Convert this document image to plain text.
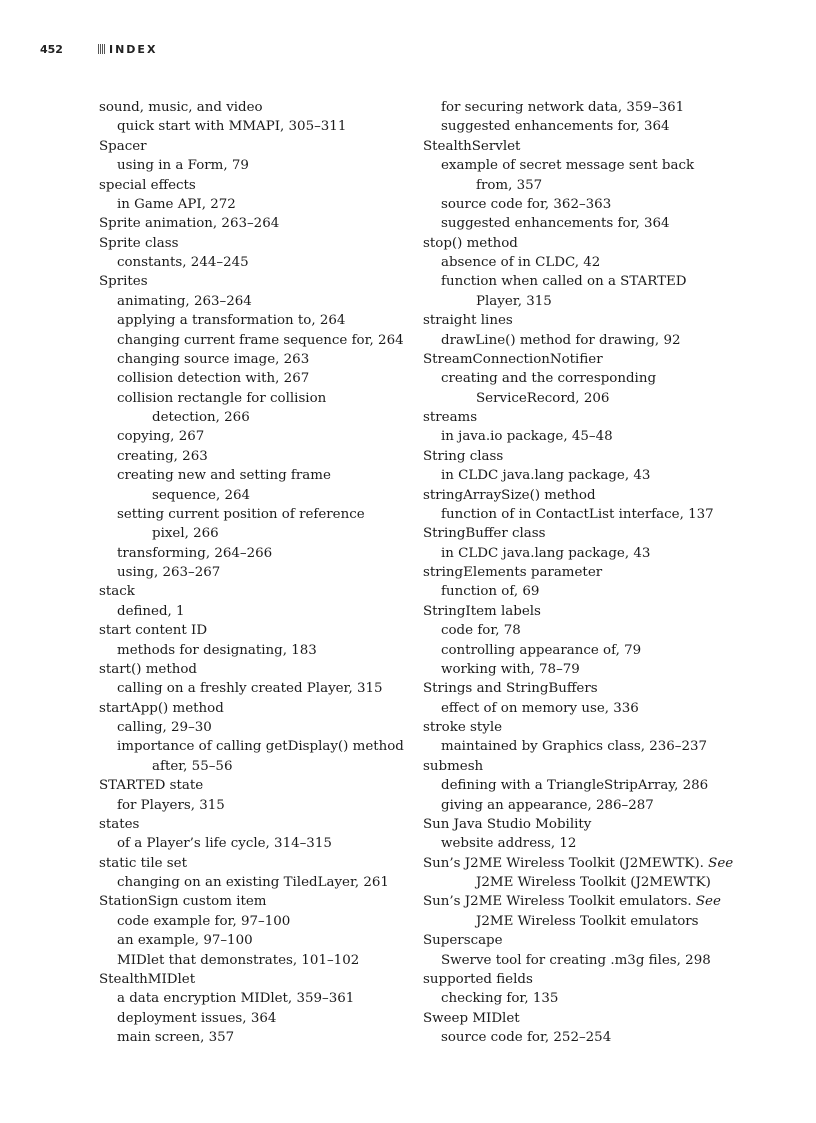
452	INDEX
sound, music, and video
quick start with MMAPI, 305–311
Spacer
using in a Form, 79
special effects
in Game API, 272
Sprite animation, 263–264
Sprite class
constants, 244–245
Sprites
animating, 263–264
applying a transformation to, 264
changing current frame sequence for, 264
changing source image, 263
collision detection with, 267
collision rectangle for collision
detection, 266
copying, 267
creating, 263
creating new and setting frame
sequence, 264
setting current position of reference
pixel, 266
transforming, 264–266
using, 263–267
stack
defined, 1
start content ID
methods for designating, 183
start() method
calling on a freshly created Player, 315
startApp() method
calling, 29–30
importance of calling getDisplay() method
after, 55–56
STARTED state
for Players, 315
states
of a Player’s life cycle, 314–315
static tile set
changing on an existing TiledLayer, 261
StationSign custom item
code example for, 97–100
an example, 97–100
MIDlet that demonstrates, 101–102
StealthMIDlet
a data encryption MIDlet, 359–361
deployment issues, 364
main screen, 357
for securing network data, 359–361
suggested enhancements for, 364
StealthServlet
example of secret message sent back
from, 357
source code for, 362–363
suggested enhancements for, 364
stop() method
absence of in CLDC, 42
function when called on a STARTED
Player, 315
straight lines
drawLine() method for drawing, 92
StreamConnectionNotifier
creating and the corresponding
ServiceRecord, 206
streams
in java.io package, 45–48
String class
in CLDC java.lang package, 43
stringArraySize() method
function of in ContactList interface, 137
StringBuffer class
in CLDC java.lang package, 43
stringElements parameter
function of, 69
StringItem labels
code for, 78
controlling appearance of, 79
working with, 78–79
Strings and StringBuffers
effect of on memory use, 336
stroke style
maintained by Graphics class, 236–237
submesh
defining with a TriangleStripArray, 286
giving an appearance, 286–287
Sun Java Studio Mobility
website address, 12
Sun’s J2ME Wireless Toolkit (J2MEWTK). See
J2ME Wireless Toolkit (J2MEWTK)
Sun’s J2ME Wireless Toolkit emulators. See
J2ME Wireless Toolkit emulators
Superscape
Swerve tool for creating .m3g files, 298
supported fields
checking for, 135
Sweep MIDlet
source code for, 252–254
